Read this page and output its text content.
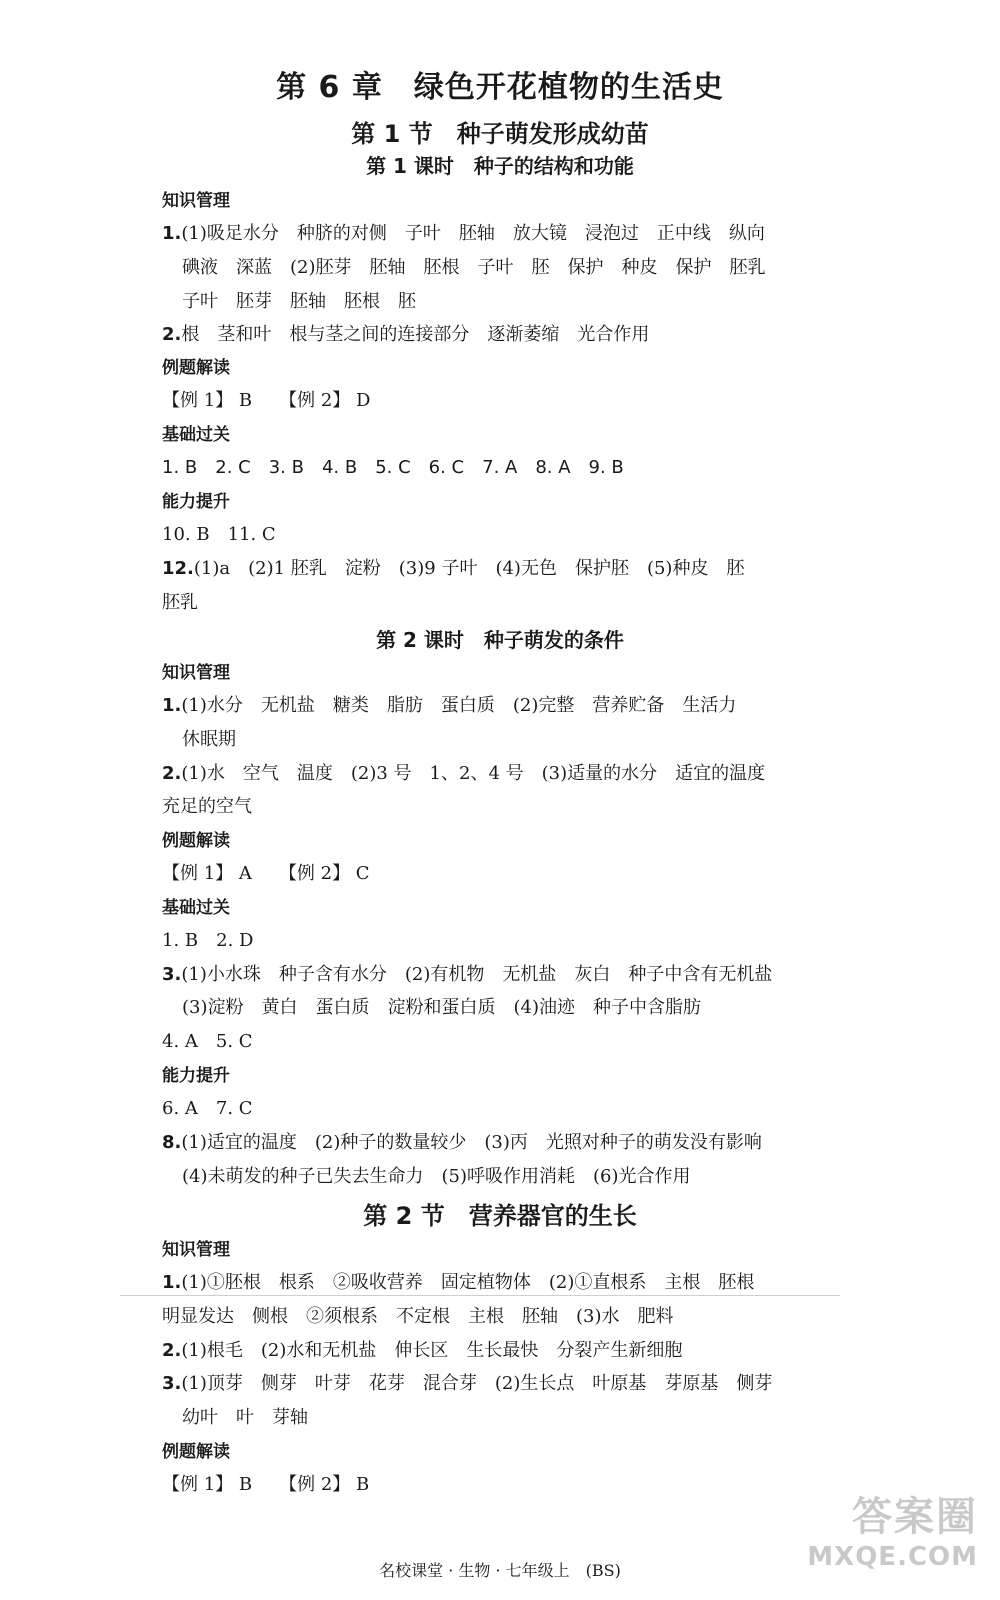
第 6 章　绿色开花植物的生活史
第 1 节　种子萌发形成幼苗
第 1 课时　种子的结构和功能
知识管理
1.(1)吸足水分　种脐的对侧　子叶　胚轴　放大镜　浸泡过　正中线　纵向
碘液　深蓝　(2)胚芽　胚轴　胚根　子叶　胚　保护　种皮　保护　胚乳
子叶　胚芽　胚轴　胚根　胚
2.根　茎和叶　根与茎之间的连接部分　逐渐萎缩　光合作用
例题解读
【例 1】 B　　【例 2】 D
基础过关
1. B　2. C　3. B　4. B　5. C　6. C　7. A　8. A　9. B
能力提升
10. B　11. C
12.(1)a　(2)1 胚乳　淀粉　(3)9 子叶　(4)无色　保护胚　(5)种皮　胚
胚乳
第 2 课时　种子萌发的条件
知识管理
1.(1)水分　无机盐　糖类　脂肪　蛋白质　(2)完整　营养贮备　生活力
休眠期
2.(1)水　空气　温度　(2)3 号　1、2、4 号　(3)适量的水分　适宜的温度
充足的空气
例题解读
【例 1】 A　　【例 2】 C
基础过关
1. B　2. D
3.(1)小水珠　种子含有水分　(2)有机物　无机盐　灰白　种子中含有无机盐
(3)淀粉　黄白　蛋白质　淀粉和蛋白质　(4)油迹　种子中含脂肪
4. A　5. C
能力提升
6. A　7. C
8.(1)适宜的温度　(2)种子的数量较少　(3)丙　光照对种子的萌发没有影响
(4)未萌发的种子已失去生命力　(5)呼吸作用消耗　(6)光合作用
第 2 节　营养器官的生长
知识管理
1.(1)①胚根　根系　②吸收营养　固定植物体　(2)①直根系　主根　胚根
明显发达　侧根　②须根系　不定根　主根　胚轴　(3)水　肥料
2.(1)根毛　(2)水和无机盐　伸长区　生长最快　分裂产生新细胞
3.(1)顶芽　侧芽　叶芽　花芽　混合芽　(2)生长点　叶原基　芽原基　侧芽
幼叶　叶　芽轴
例题解读
【例 1】 B　　【例 2】 B
名校课堂 · 生物 · 七年级上　(BS)
答案圈
MXQE.COM
